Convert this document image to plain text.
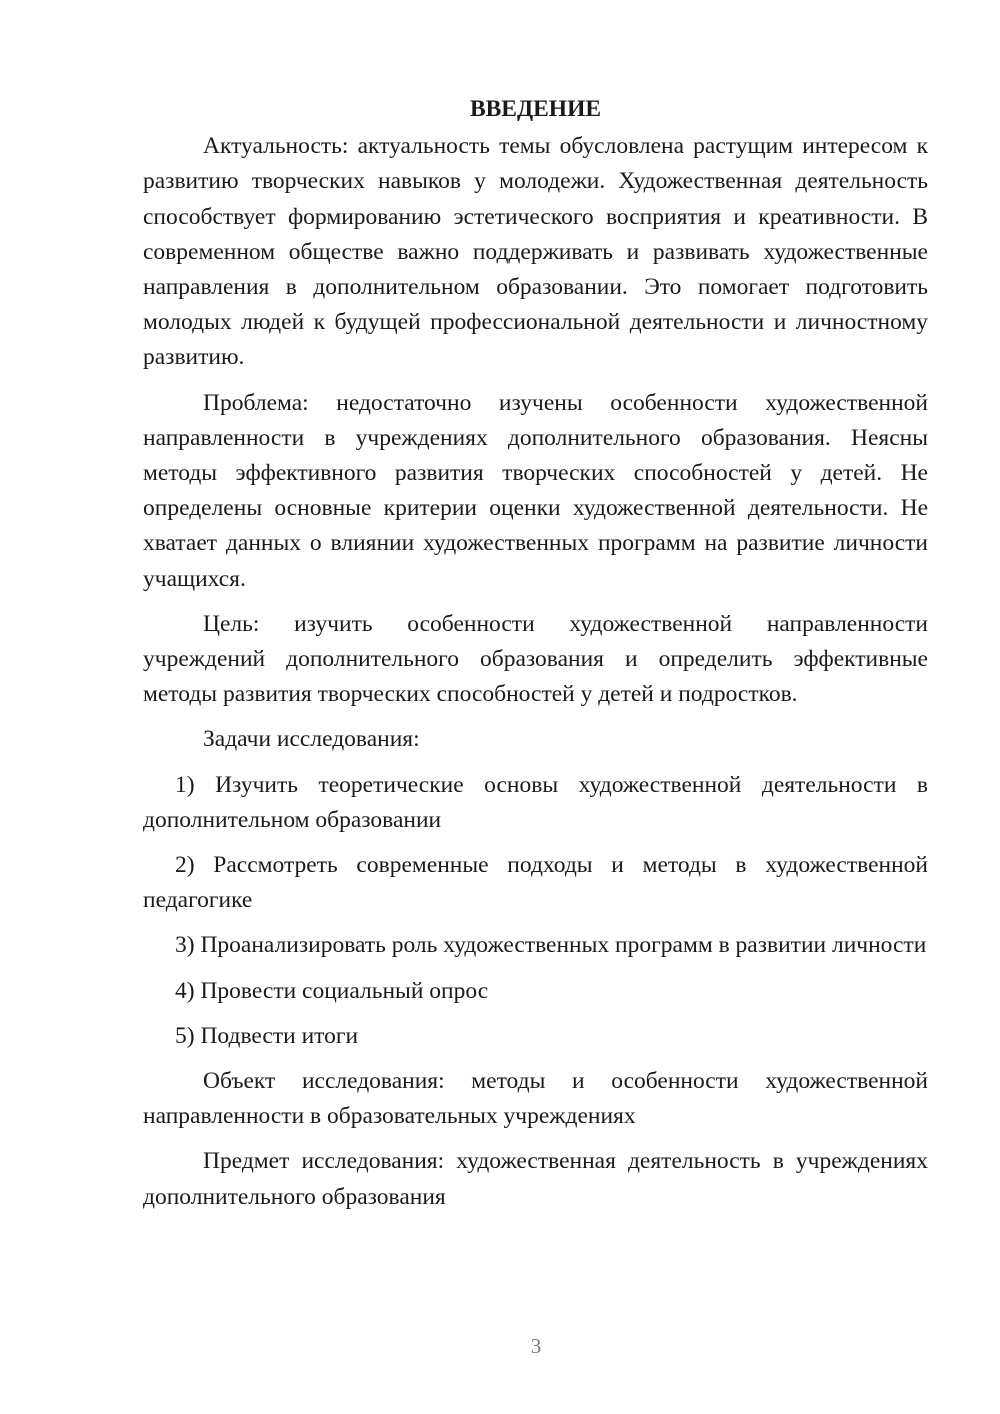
ВВЕДЕНИЕ

Актуальность: актуальность темы обусловлена растущим интересом к развитию творческих навыков у молодежи. Художественная деятельность способствует формированию эстетического восприятия и креативности. В современном обществе важно поддерживать и развивать художественные направления в дополнительном образовании. Это помогает подготовить молодых людей к будущей профессиональной деятельности и личностному развитию.

Проблема: недостаточно изучены особенности художественной направленности в учреждениях дополнительного образования. Неясны методы эффективного развития творческих способностей у детей. Не определены основные критерии оценки художественной деятельности. Не хватает данных о влиянии художественных программ на развитие личности учащихся.

Цель: изучить особенности художественной направленности учреждений дополнительного образования и определить эффективные методы развития творческих способностей у детей и подростков.

Задачи исследования:

1) Изучить теоретические основы художественной деятельности в дополнительном образовании

2) Рассмотреть современные подходы и методы в художественной педагогике

3) Проанализировать роль художественных программ в развитии личности

4) Провести социальный опрос

5) Подвести итоги

Объект исследования: методы и особенности художественной направленности в образовательных учреждениях

Предмет исследования: художественная деятельность в учреждениях дополнительного образования

3
